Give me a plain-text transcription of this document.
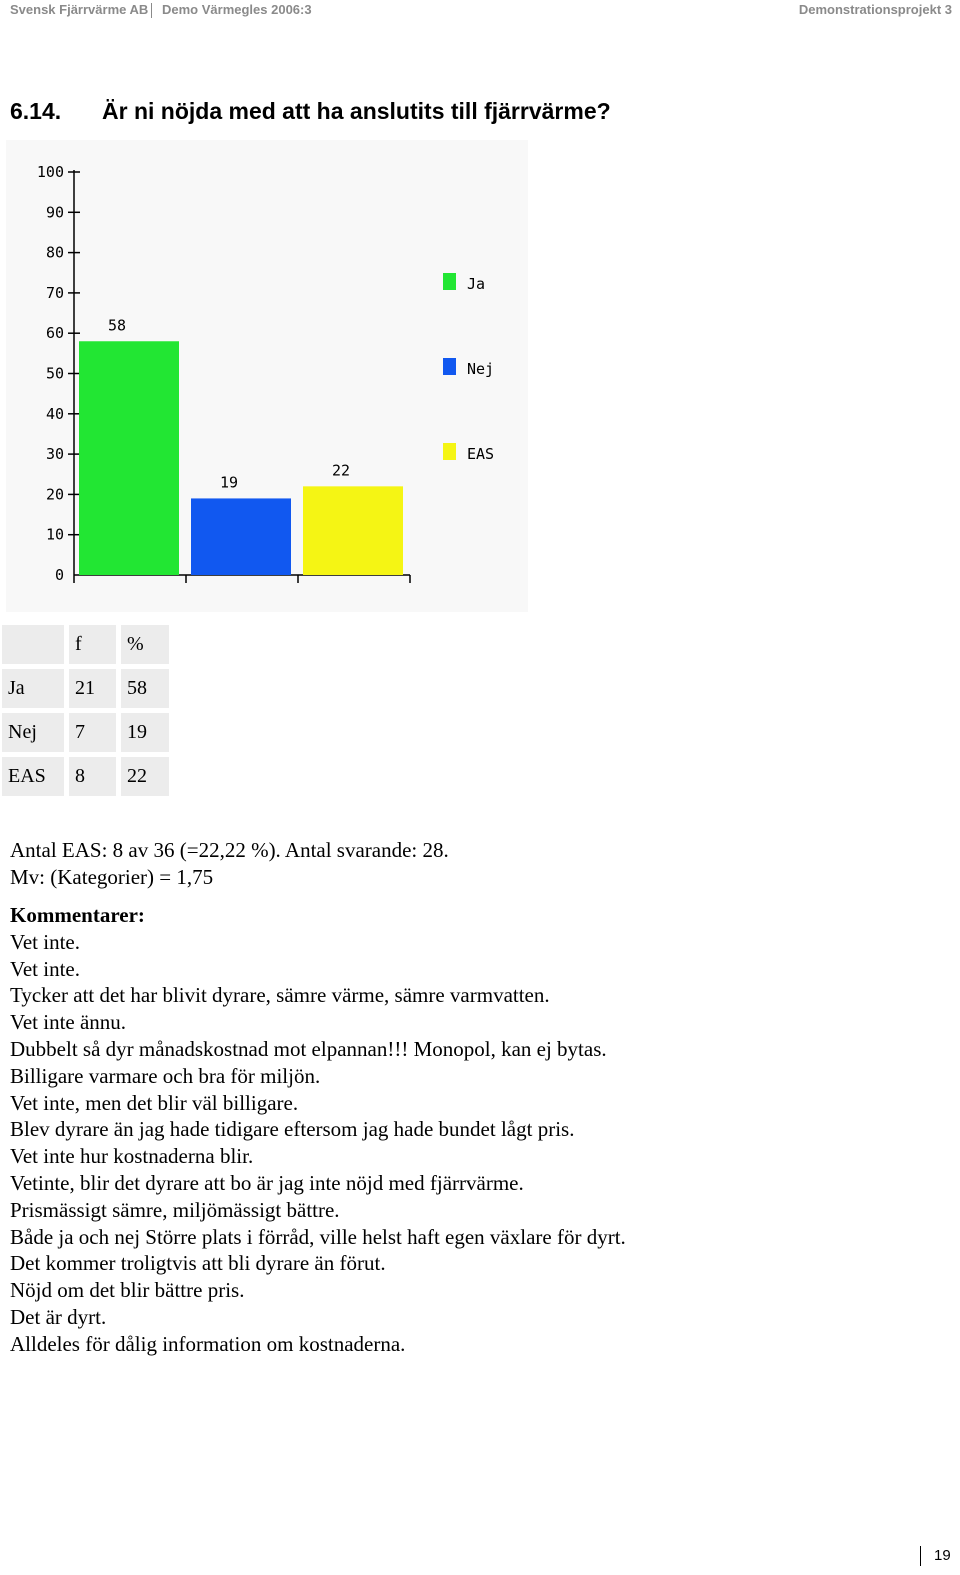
Svensk Fjärrvärme AB Demo Värmegles 2006:3	Demonstrationsprojekt 3
6.14. Är ni nöjda med att ha anslutits till fjärrvärme?
0
10
20
30
40
50
60
70
80
90
100
58
19
22
Ja
Nej
EAS
	f	%
Ja	21	58
Nej	7	19
EAS	8	22
Antal EAS: 8 av 36 (=22,22 %). Antal svarande: 28.
Mv: (Kategorier) = 1,75
Kommentarer:
Vet inte.
Vet inte.
Tycker att det har blivit dyrare, sämre värme, sämre varmvatten.
Vet inte ännu.
Dubbelt så dyr månadskostnad mot elpannan!!! Monopol, kan ej bytas.
Billigare varmare och bra för miljön.
Vet inte, men det blir väl billigare.
Blev dyrare än jag hade tidigare eftersom jag hade bundet lågt pris.
Vet inte hur kostnaderna blir.
Vetinte, blir det dyrare att bo är jag inte nöjd med fjärrvärme.
Prismässigt sämre, miljömässigt bättre.
Både ja och nej Större plats i förråd, ville helst haft egen växlare för dyrt.
Det kommer troligtvis att bli dyrare än förut.
Nöjd om det blir bättre pris.
Det är dyrt.
Alldeles för dålig information om kostnaderna.
19
